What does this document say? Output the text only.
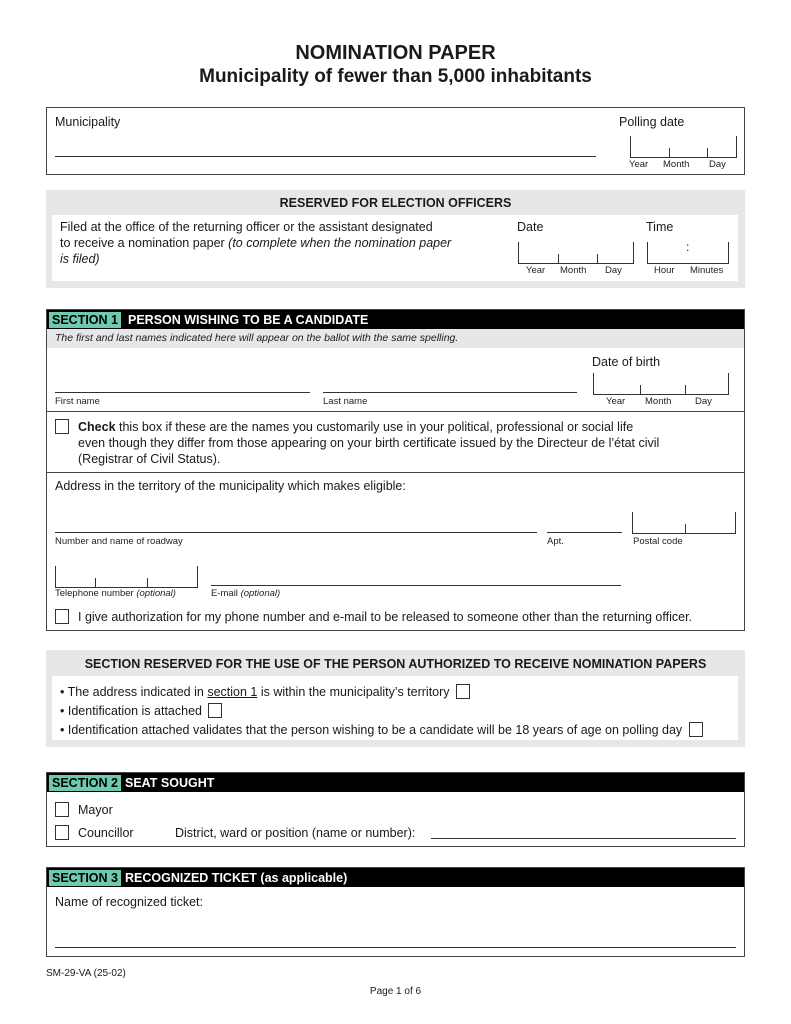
NOMINATION PAPER
Municipality of fewer than 5,000 inhabitants
Municipality	Polling date
Year Month Day
RESERVED FOR ELECTION OFFICERS
Filed at the office of the returning officer or the assistant designated
to receive a nomination paper (to complete when the nomination paper
is filed)
Date
Year Month Day
Time
:
Hour Minutes
SECTION 1 PERSON WISHING TO BE A CANDIDATE
The first and last names indicated here will appear on the ballot with the same spelling.
Date of birth
First name	Last name	Year Month Day
Check this box if these are the names you customarily use in your political, professional or social life
even though they differ from those appearing on your birth certificate issued by the Directeur de l’état civil
(Registrar of Civil Status).
Address in the territory of the municipality which makes eligible:
Number and name of roadway	Apt.	Postal code
Telephone number (optional)	E-mail (optional)
I give authorization for my phone number and e-mail to be released to someone other than the returning officer.
SECTION RESERVED FOR THE USE OF THE PERSON AUTHORIZED TO RECEIVE NOMINATION PAPERS
• The address indicated in section 1 is within the municipality’s territory
• Identification is attached
• Identification attached validates that the person wishing to be a candidate will be 18 years of age on polling day
SECTION 2 SEAT SOUGHT
Mayor
Councillor	District, ward or position (name or number):
SECTION 3 RECOGNIZED TICKET (as applicable)
Name of recognized ticket:
SM-29-VA (25-02)
Page 1 of 6
